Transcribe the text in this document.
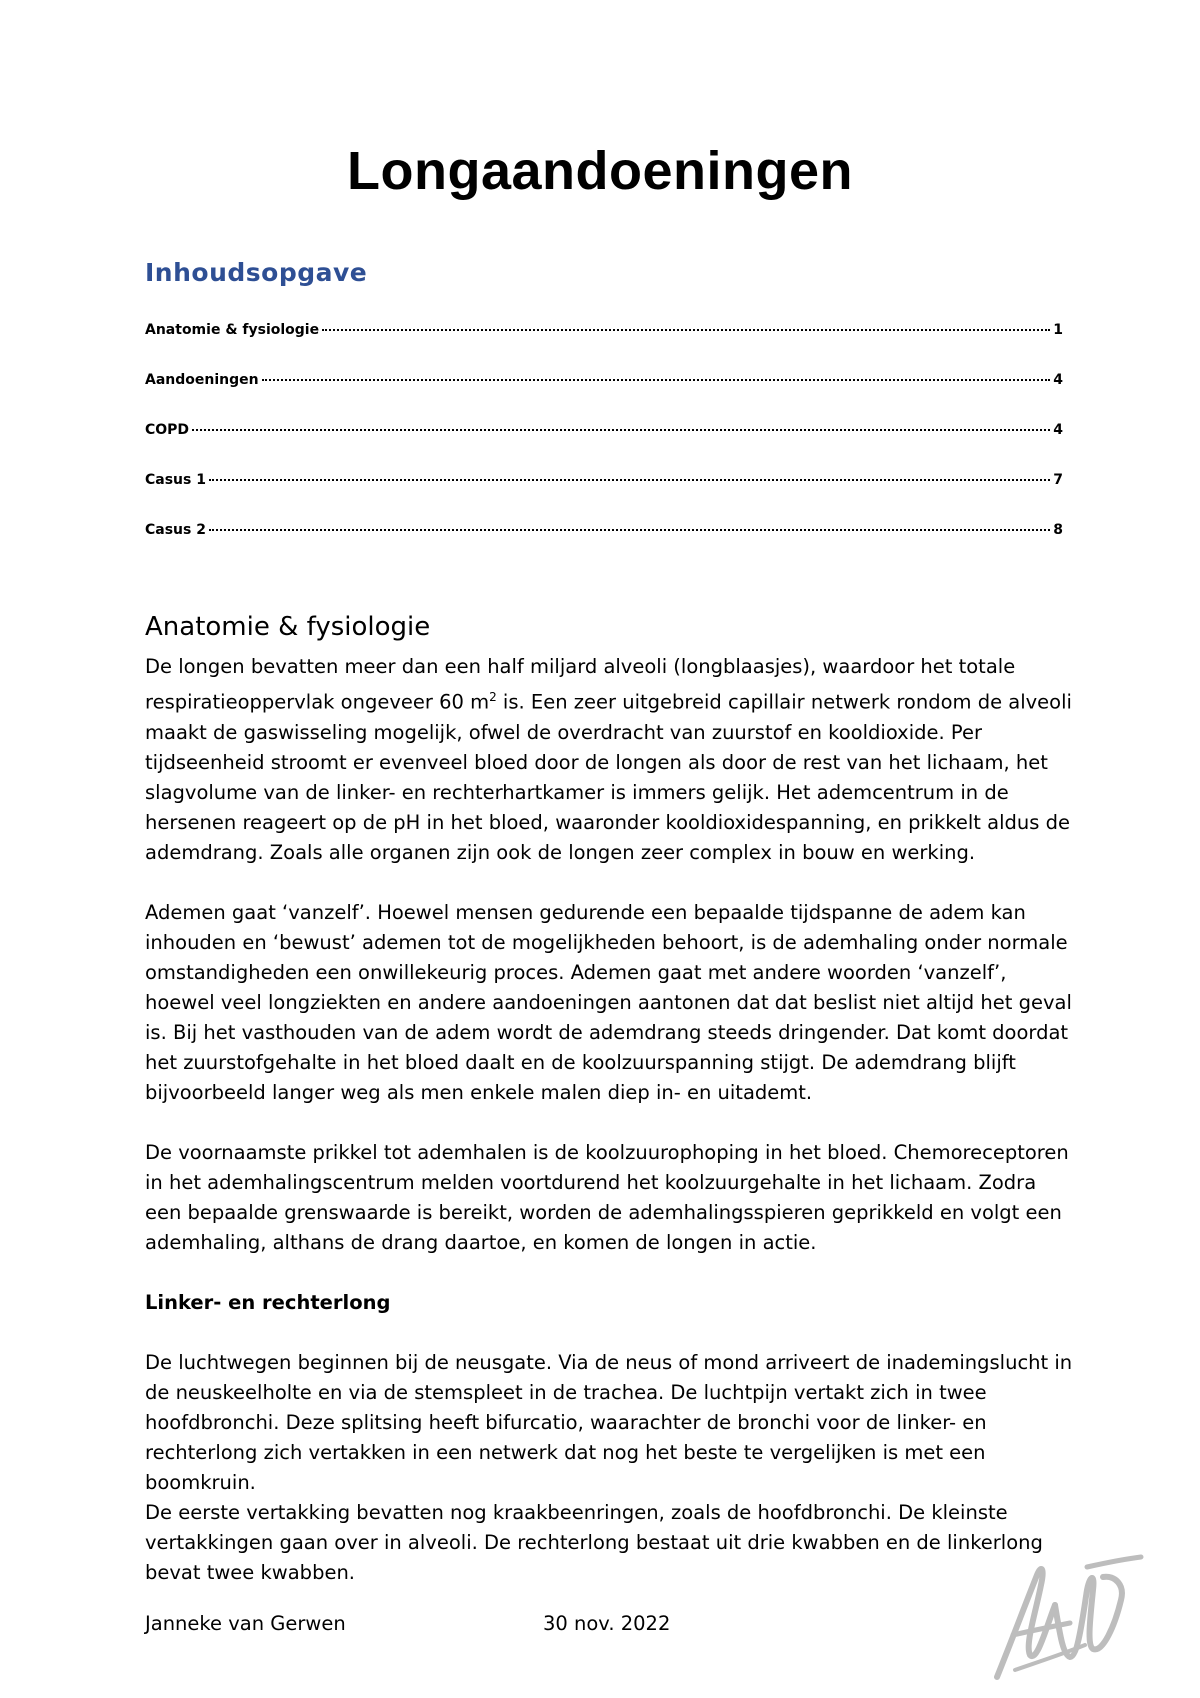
Longaandoeningen
Inhoudsopgave
Anatomie & fysiologie	1
Aandoeningen	4
COPD	4
Casus 1	7
Casus 2	8
Anatomie & fysiologie

De longen bevatten meer dan een half miljard alveoli (longblaasjes), waardoor het totale respiratieoppervlak ongeveer 60 $m^2$ is. Een zeer uitgebreid capillair netwerk rondom de alveoli maakt de gaswisseling mogelijk, ofwel de overdracht van zuurstof en kooldioxide. Per tijdseenheid stroomt er evenveel bloed door de longen als door de rest van het lichaam, het slagvolume van de linker- en rechterhartkamer is immers gelijk. Het ademcentrum in de hersenen reageert op de pH in het bloed, waaronder kooldioxidespanning, en prikkelt aldus de ademdrang. Zoals alle organen zijn ook de longen zeer complex in bouw en werking.

Ademen gaat ‘vanzelf’. Hoewel mensen gedurende een bepaalde tijdspanne de adem kan inhouden en ‘bewust’ ademen tot de mogelijkheden behoort, is de ademhaling onder normale omstandigheden een onwillekeurig proces. Ademen gaat met andere woorden ‘vanzelf’, hoewel veel longziekten en andere aandoeningen aantonen dat dat beslist niet altijd het geval is. Bij het vasthouden van de adem wordt de ademdrang steeds dringender. Dat komt doordat het zuurstofgehalte in het bloed daalt en de koolzuurspanning stijgt. De ademdrang blijft bijvoorbeeld langer weg als men enkele malen diep in- en uitademt.

De voornaamste prikkel tot ademhalen is de koolzuurophoping in het bloed. Chemoreceptoren in het ademhalingscentrum melden voortdurend het koolzuurgehalte in het lichaam. Zodra een bepaalde grenswaarde is bereikt, worden de ademhalingsspieren geprikkeld en volgt een ademhaling, althans de drang daartoe, en komen de longen in actie.

Linker- en rechterlong

De luchtwegen beginnen bij de neusgate. Via de neus of mond arriveert de inademingslucht in de neuskeelholte en via de stemspleet in de trachea. De luchtpijn vertakt zich in twee hoofdbronchi. Deze splitsing heeft bifurcatio, waarachter de bronchi voor de linker- en rechterlong zich vertakken in een netwerk dat nog het beste te vergelijken is met een boomkruin.

De eerste vertakking bevatten nog kraakbeenringen, zoals de hoofdbronchi. De kleinste vertakkingen gaan over in alveoli. De rechterlong bestaat uit drie kwabben en de linkerlong bevat twee kwabben.

Janneke van Gerwen	30 nov. 2022
